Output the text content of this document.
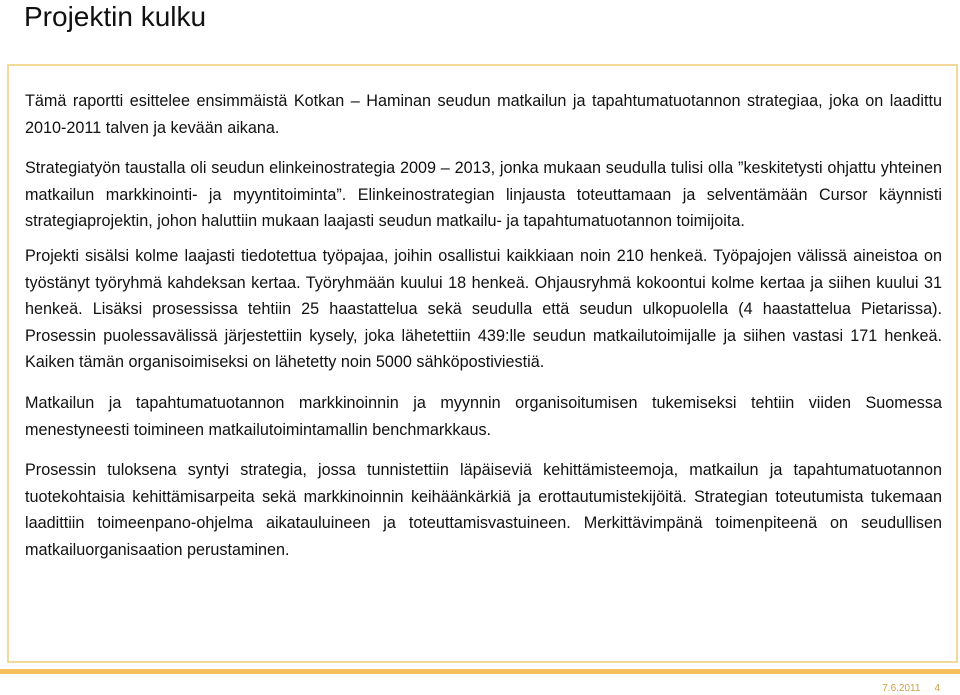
Projektin kulku

Tämä raportti esittelee ensimmäistä Kotkan – Haminan seudun matkailun ja tapahtumatuotannon strategiaa, joka on laadittu 2010-2011 talven ja kevään aikana.

Strategiatyön taustalla oli seudun elinkeinostrategia 2009 – 2013, jonka mukaan seudulla tulisi olla ”keskitetysti ohjattu yhteinen matkailun markkinointi- ja myyntitoiminta”. Elinkeinostrategian linjausta toteuttamaan ja selventämään Cursor käynnisti strategiaprojektin, johon haluttiin mukaan laajasti seudun matkailu- ja tapahtumatuotannon toimijoita.

Projekti sisälsi kolme laajasti tiedotettua työpajaa, joihin osallistui kaikkiaan noin 210 henkeä. Työpajojen välissä aineistoa on työstänyt työryhmä kahdeksan kertaa. Työryhmään kuului 18 henkeä. Ohjausryhmä kokoontui kolme kertaa ja siihen kuului 31 henkeä. Lisäksi prosessissa tehtiin 25 haastattelua sekä seudulla että seudun ulkopuolella (4 haastattelua Pietarissa). Prosessin puolessavälissä järjestettiin kysely, joka lähetettiin 439:lle seudun matkailutoimijalle ja siihen vastasi 171 henkeä. Kaiken tämän organisoimiseksi on lähetetty noin 5000 sähköpostiviestiä.

Matkailun ja tapahtumatuotannon markkinoinnin ja myynnin organisoitumisen tukemiseksi tehtiin viiden Suomessa menestyneesti toimineen matkailutoimintamallin benchmarkkaus.

Prosessin tuloksena syntyi strategia, jossa tunnistettiin läpäiseviä kehittämisteemoja, matkailun ja tapahtumatuotannon tuotekohtaisia kehittämisarpeita sekä markkinoinnin keihäänkärkiä ja erottautumistekijöitä. Strategian toteutumista tukemaan laadittiin toimeenpano-ohjelma aikatauluineen ja toteuttamisvastuineen. Merkittävimpänä toimenpiteenä on seudullisen matkailuorganisaation perustaminen.

7.6.2011 4
